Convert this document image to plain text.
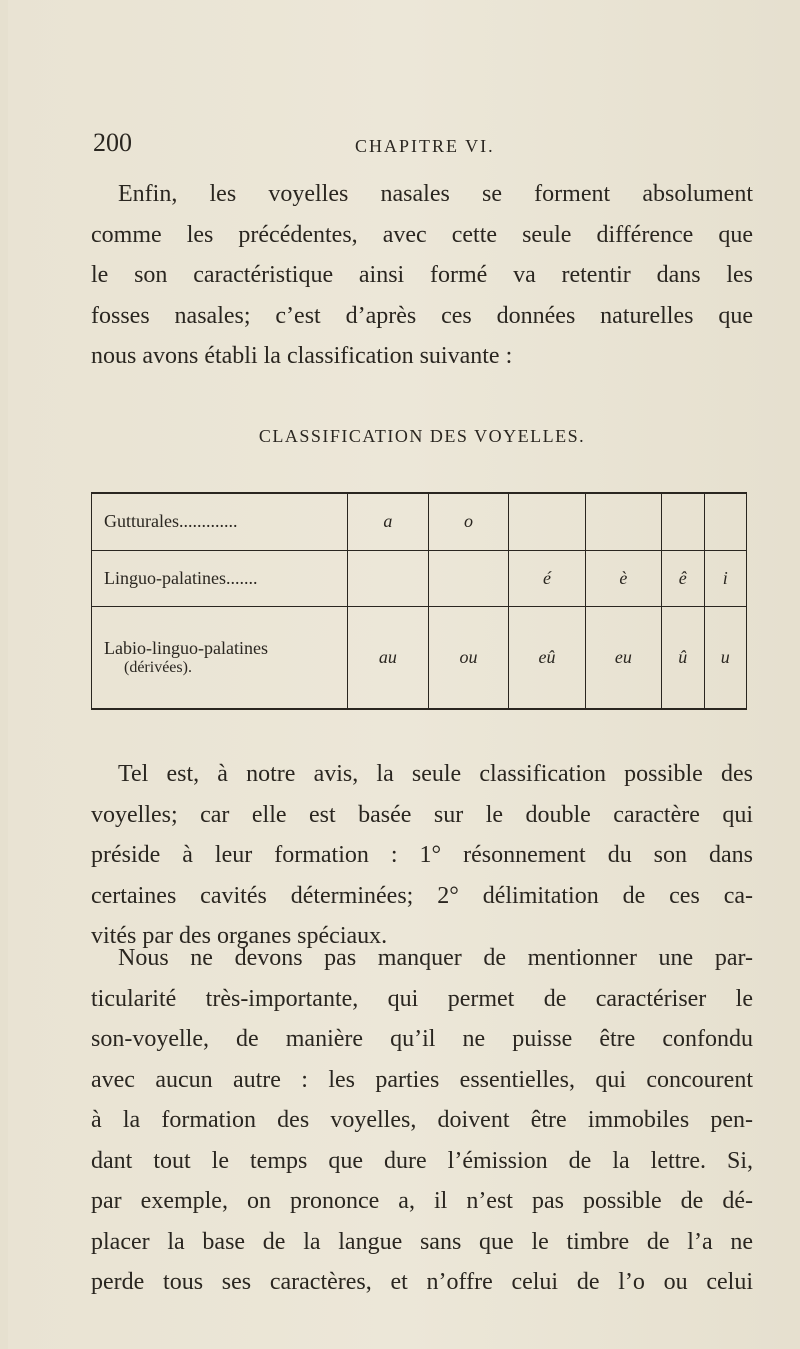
200	CHAPITRE VI.

Enfin, les voyelles nasales se forment absolument

comme les précédentes, avec cette seule différence que

le son caractéristique ainsi formé va retentir dans les

fosses nasales; c’est d’après ces données naturelles que

nous avons établi la classification suivante :

CLASSIFICATION DES VOYELLES.
Gutturales.............	a	o				
Linguo-palatines.......			é	è	ê	i
Labio-linguo-palatines
(dérivées).	au	ou	eû	eu	û	u

Tel est, à notre avis, la seule classification possible des

voyelles; car elle est basée sur le double caractère qui

préside à leur formation : 1° résonnement du son dans

certaines cavités déterminées; 2° délimitation de ces ca-

vités par des organes spéciaux.

Nous ne devons pas manquer de mentionner une par-

ticularité très-importante, qui permet de caractériser le

son-voyelle, de manière qu’il ne puisse être confondu

avec aucun autre : les parties essentielles, qui concourent

à la formation des voyelles, doivent être immobiles pen-

dant tout le temps que dure l’émission de la lettre. Si,

par exemple, on prononce a, il n’est pas possible de dé-

placer la base de la langue sans que le timbre de l’a ne

perde tous ses caractères, et n’offre celui de l’o ou celui
